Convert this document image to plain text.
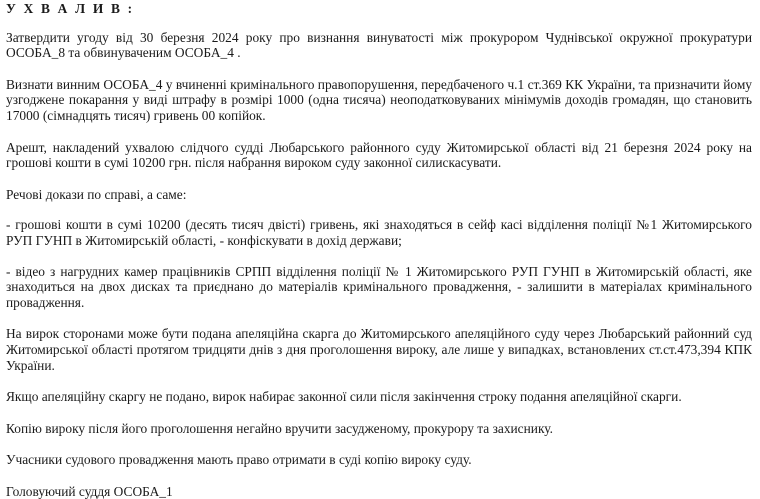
У Х В А Л И В :

Затвердити угоду від 30 березня 2024 року про визнання винуватості між прокурором Чуднівської окружної прокуратури ОСОБА_8 та обвинуваченим ОСОБА_4 .

Визнати винним ОСОБА_4 у вчиненні кримінального правопорушення, передбаченого ч.1 ст.369 КК України, та призначити йому узгоджене покарання у виді штрафу в розмірі 1000 (одна тисяча) неоподатковуваних мінімумів доходів громадян, що становить 17000 (сімнадцять тисяч) гривень 00 копійок.

Арешт, накладений ухвалою слідчого судді Любарського районного суду Житомирської області від 21 березня 2024 року на грошові кошти в сумі 10200 грн. після набрання вироком суду законної силискасувати.

Речові докази по справі, а саме:

- грошові кошти в сумі 10200 (десять тисяч двісті) гривень, які знаходяться в сейф касі відділення поліції №1 Житомирського РУП ГУНП в Житомирській області, - конфіскувати в дохід держави;

- відео з нагрудних камер працівників СРПП відділення поліції № 1 Житомирського РУП ГУНП в Житомирській області, яке знаходиться на двох дисках та приєднано до матеріалів кримінального провадження, - залишити в матеріалах кримінального провадження.

На вирок сторонами може бути подана апеляційна скарга до Житомирського апеляційного суду через Любарський районний суд Житомирської області протягом тридцяти днів з дня проголошення вироку, але лише у випадках, встановлених ст.ст.473,394 КПК України.

Якщо апеляційну скаргу не подано, вирок набирає законної сили після закінчення строку подання апеляційної скарги.

Копію вироку після його проголошення негайно вручити засудженому, прокурору та захиснику.

Учасники судового провадження мають право отримати в суді копію вироку суду.

Головуючий суддя ОСОБА_1
